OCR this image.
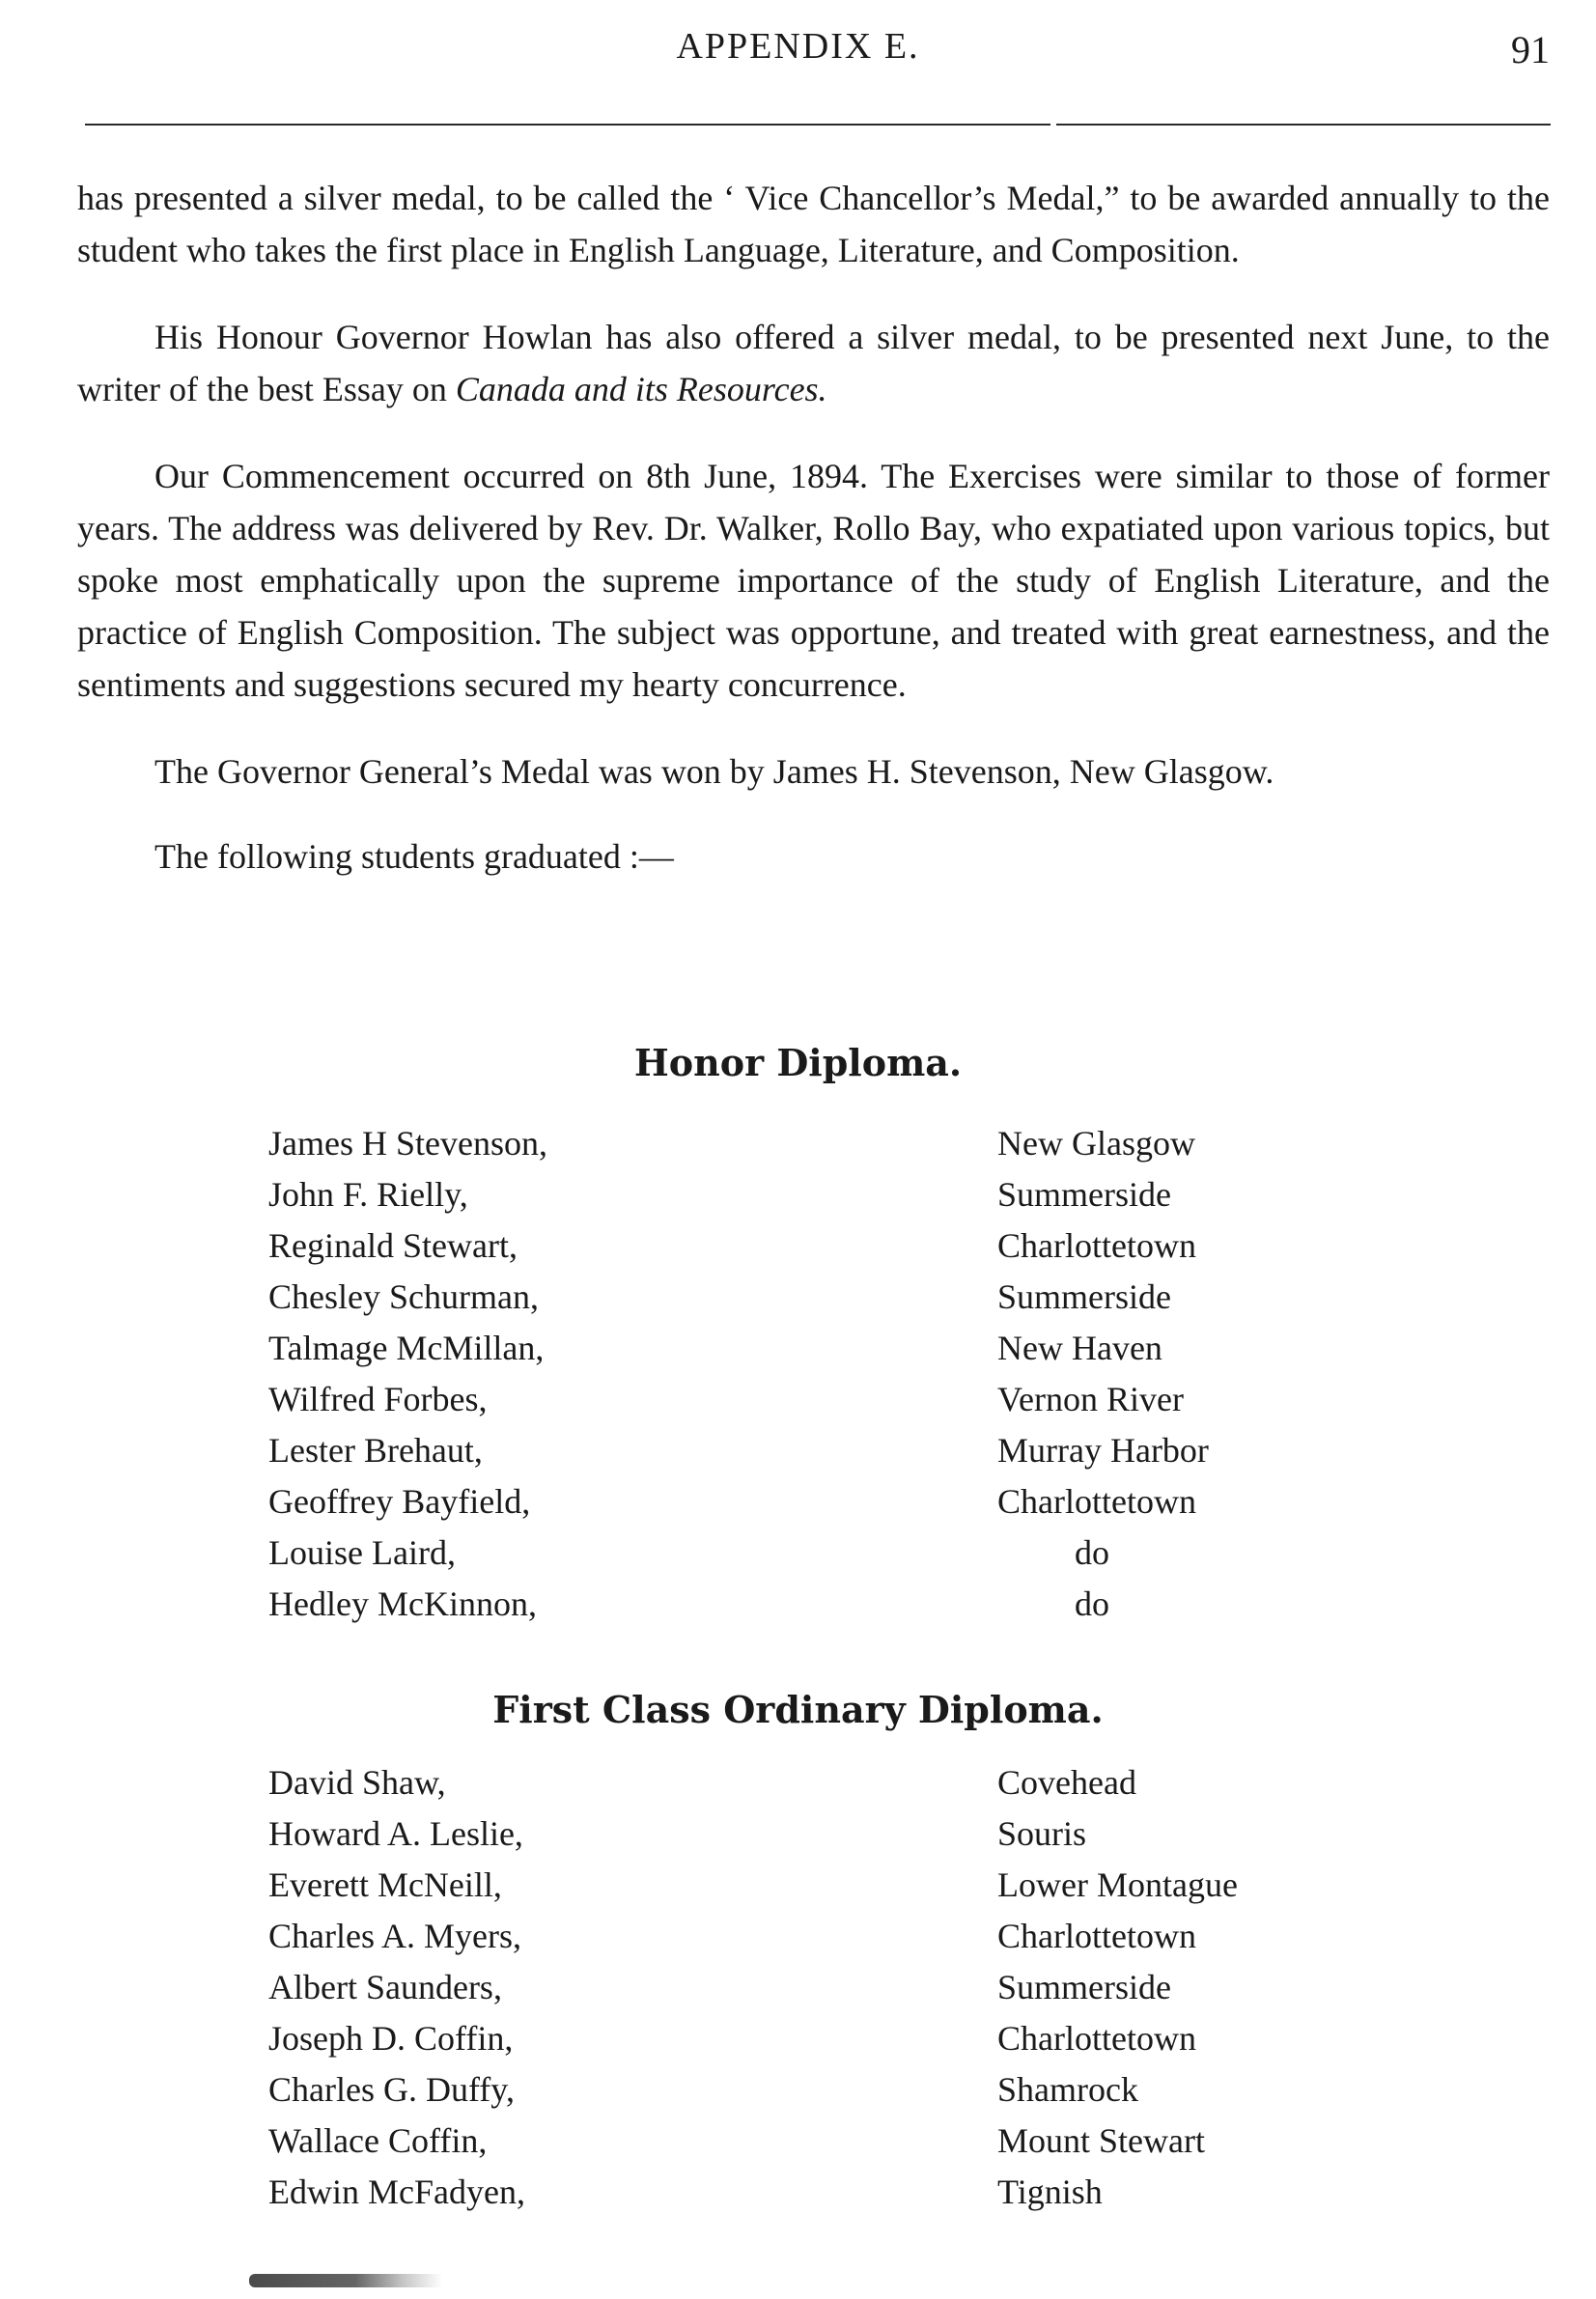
APPENDIX E.	91

has presented a silver medal, to be called the ‘ Vice Chancellor’s Medal,” to be awarded annually to the student who takes the first place in English Language, Literature, and Composition.

His Honour Governor Howlan has also offered a silver medal, to be presented next June, to the writer of the best Essay on Canada and its Resources.

Our Commencement occurred on 8th June, 1894. The Exercises were similar to those of former years. The address was delivered by Rev. Dr. Walker, Rollo Bay, who expatiated upon various topics, but spoke most emphatically upon the supreme importance of the study of English Literature, and the practice of English Composition. The subject was opportune, and treated with great earnestness, and the sentiments and suggestions secured my hearty concurrence.

The Governor General’s Medal was won by James H. Stevenson, New Glasgow.

The following students graduated :—

Honor Diploma.
James H Stevenson,	New Glasgow
John F. Rielly,	Summerside
Reginald Stewart,	Charlottetown
Chesley Schurman,	Summerside
Talmage McMillan,	New Haven
Wilfred Forbes,	Vernon River
Lester Brehaut,	Murray Harbor
Geoffrey Bayfield,	Charlottetown
Louise Laird,	do
Hedley McKinnon,	do
First Class Ordinary Diploma.
David Shaw,	Covehead
Howard A. Leslie,	Souris
Everett McNeill,	Lower Montague
Charles A. Myers,	Charlottetown
Albert Saunders,	Summerside
Joseph D. Coffin,	Charlottetown
Charles G. Duffy,	Shamrock
Wallace Coffin,	Mount Stewart
Edwin McFadyen,	Tignish
